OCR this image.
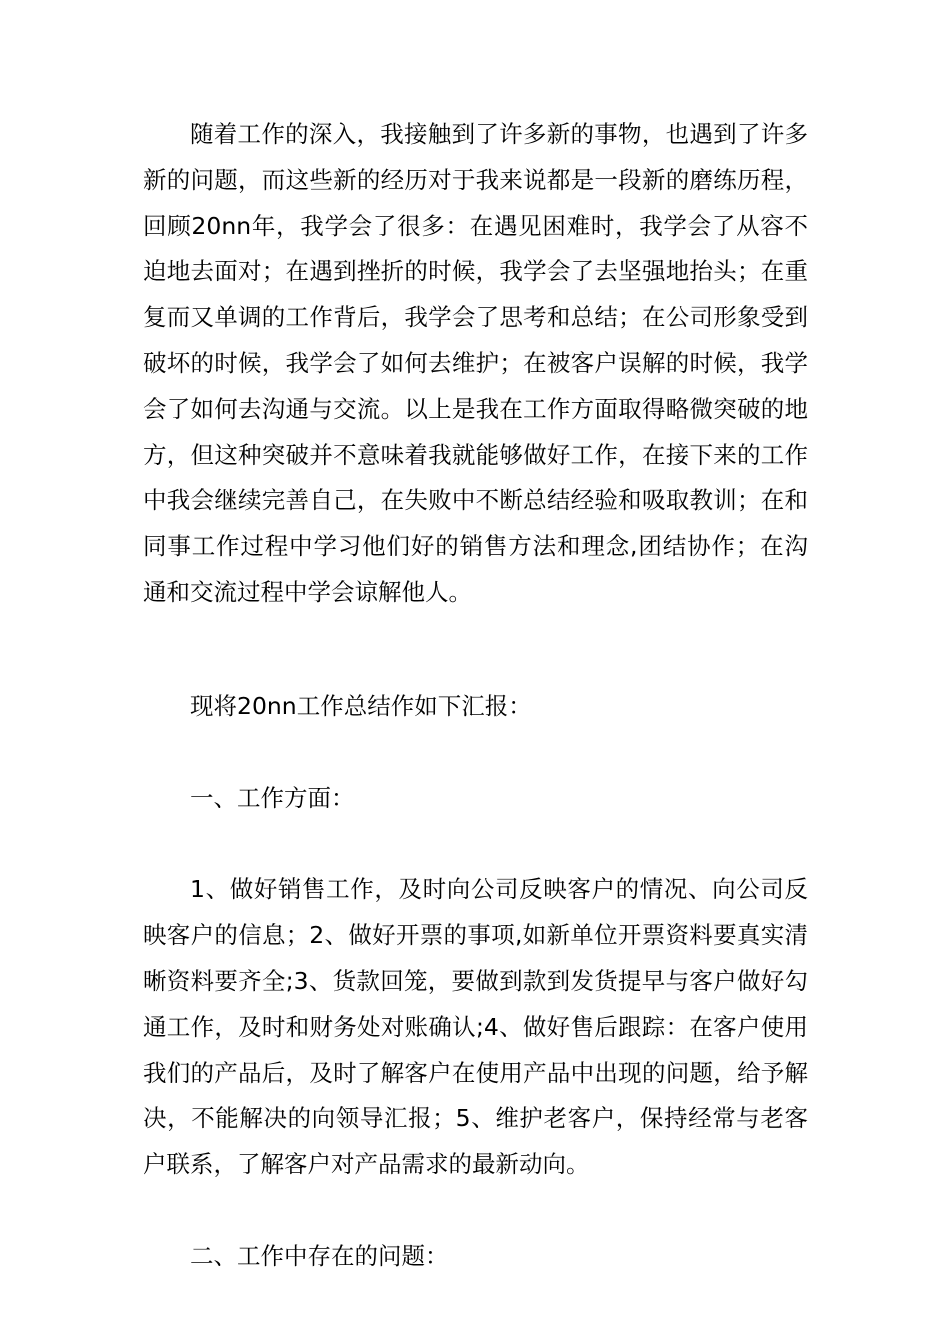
随着工作的深入，我接触到了许多新的事物，也遇到了许多新的问题，而这些新的经历对于我来说都是一段新的磨练历程，回顾20nn年，我学会了很多：在遇见困难时，我学会了从容不迫地去面对；在遇到挫折的时候，我学会了去坚强地抬头；在重复而又单调的工作背后，我学会了思考和总结；在公司形象受到破坏的时候，我学会了如何去维护；在被客户误解的时候，我学会了如何去沟通与交流。以上是我在工作方面取得略微突破的地方，但这种突破并不意味着我就能够做好工作，在接下来的工作中我会继续完善自己，在失败中不断总结经验和吸取教训；在和同事工作过程中学习他们好的销售方法和理念,团结协作；在沟通和交流过程中学会谅解他人。

现将20nn工作总结作如下汇报：

一、工作方面：

1、做好销售工作，及时向公司反映客户的情况、向公司反映客户的信息；2、做好开票的事项,如新单位开票资料要真实清晰资料要齐全;3、货款回笼，要做到款到发货提早与客户做好勾通工作，及时和财务处对账确认;4、做好售后跟踪：在客户使用我们的产品后，及时了解客户在使用产品中出现的问题，给予解决，不能解决的向领导汇报；5、维护老客户，保持经常与老客户联系，了解客户对产品需求的最新动向。

二、工作中存在的问题：
